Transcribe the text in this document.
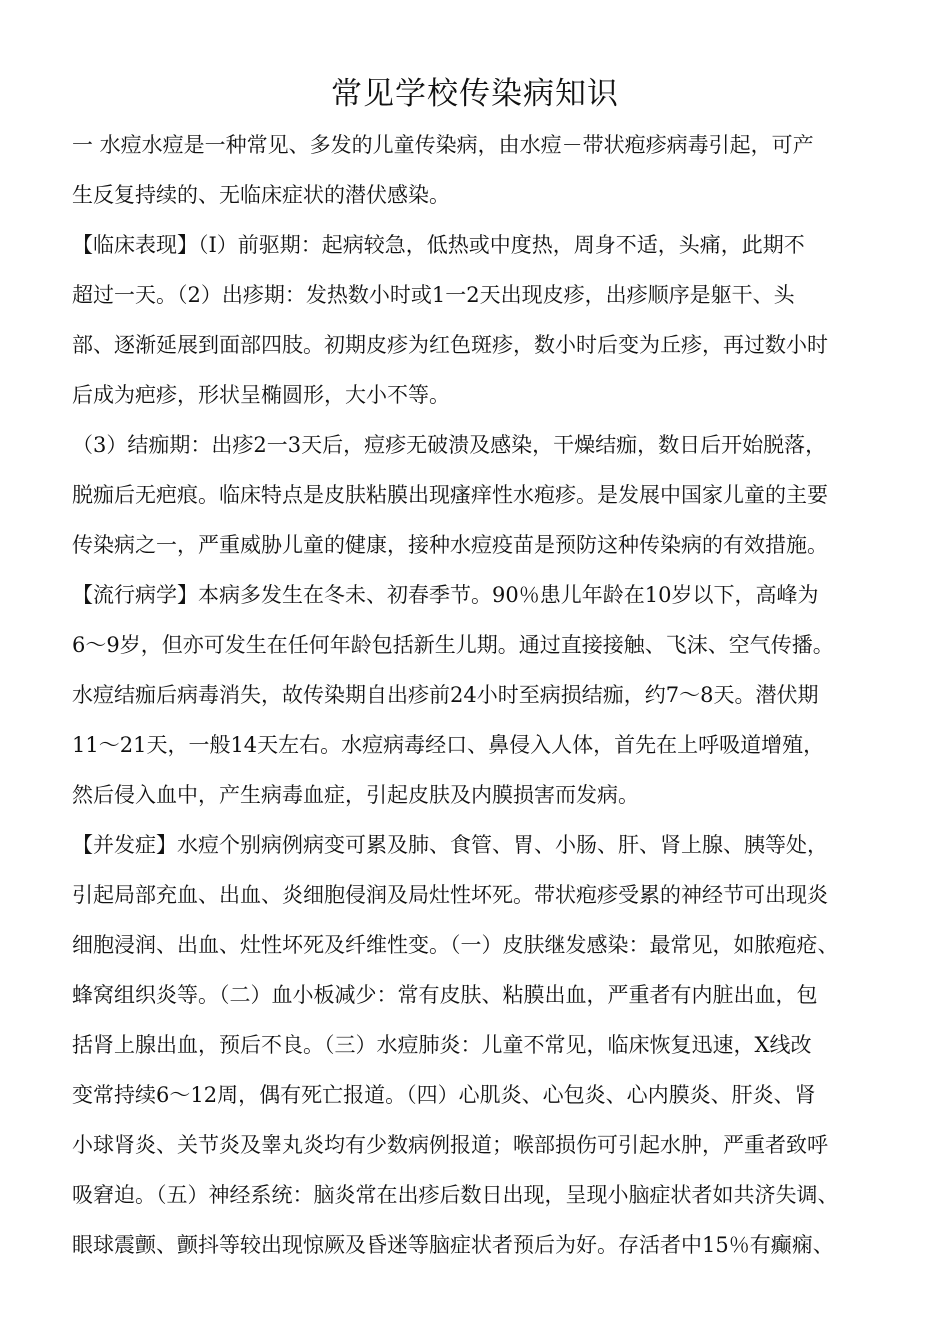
常见学校传染病知识
一 水痘水痘是一种常见、多发的儿童传染病，由水痘－带状疱疹病毒引起，可产
生反复持续的、无临床症状的潜伏感染。
【临床表现】（I）前驱期：起病较急，低热或中度热，周身不适，头痛，此期不
超过一天。（2）出疹期：发热数小时或1一2天出现皮疹，出疹顺序是躯干、头
部、逐渐延展到面部四肢。初期皮疹为红色斑疹，数小时后变为丘疹，再过数小时
后成为疤疹，形状呈椭圆形，大小不等。
（3）结痂期：出疹2一3天后，痘疹无破溃及感染，干燥结痂，数日后开始脱落，
脱痂后无疤痕。临床特点是皮肤粘膜出现瘙痒性水疱疹。是发展中国家儿童的主要
传染病之一，严重威胁儿童的健康，接种水痘疫苗是预防这种传染病的有效措施。
【流行病学】本病多发生在冬未、初春季节。90％患儿年龄在10岁以下，高峰为
6〜9岁，但亦可发生在任何年龄包括新生儿期。通过直接接触、飞沫、空气传播。
水痘结痂后病毒消失，故传染期自出疹前24小时至病损结痂，约7〜8天。潜伏期
11〜21天，一般14天左右。水痘病毒经口、鼻侵入人体，首先在上呼吸道增殖，
然后侵入血中，产生病毒血症，引起皮肤及内膜损害而发病。
【并发症】水痘个别病例病变可累及肺、食管、胃、小肠、肝、肾上腺、胰等处，
引起局部充血、出血、炎细胞侵润及局灶性坏死。带状疱疹受累的神经节可出现炎
细胞浸润、出血、灶性坏死及纤维性变。（一）皮肤继发感染：最常见，如脓疱疮、
蜂窝组织炎等。（二）血小板减少：常有皮肤、粘膜出血，严重者有内脏出血，包
括肾上腺出血，预后不良。（三）水痘肺炎：儿童不常见，临床恢复迅速，X线改
变常持续6〜12周，偶有死亡报道。（四）心肌炎、心包炎、心内膜炎、肝炎、肾
小球肾炎、关节炎及睾丸炎均有少数病例报道；喉部损伤可引起水肿，严重者致呼
吸窘迫。（五）神经系统：脑炎常在出疹后数日出现，呈现小脑症状者如共济失调、
眼球震颤、颤抖等较出现惊厥及昏迷等脑症状者预后为好。存活者中15％有癫痫、
